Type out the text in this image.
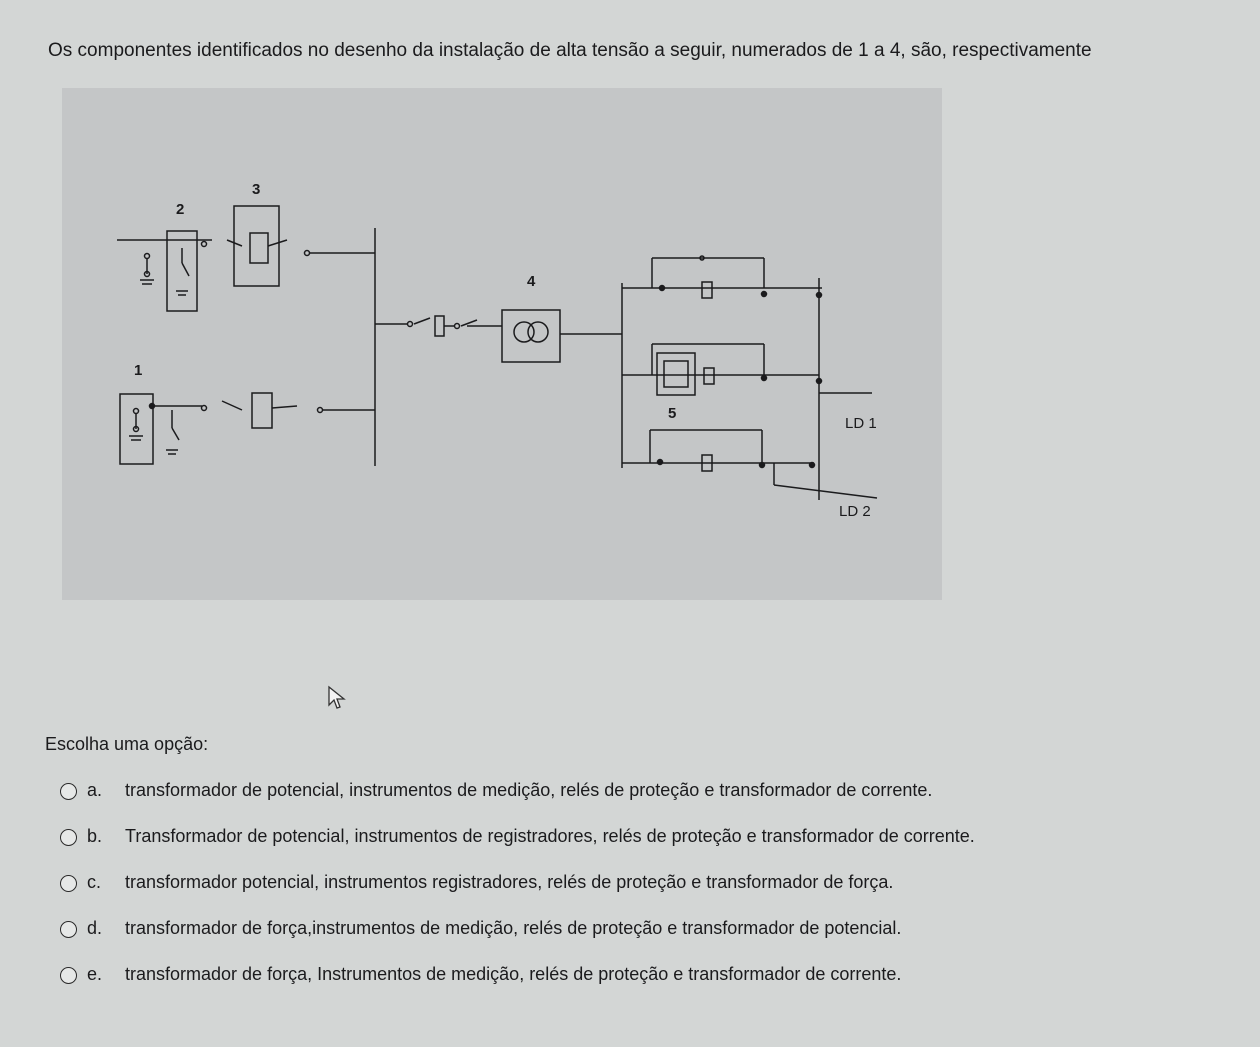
Os componentes identificados no desenho da instalação de alta tensão a seguir, numerados de 1 a 4, são, respectivamente
2
3
4
1
5
LD 1
LD 2
Escolha uma opção:
a.	transformador de potencial, instrumentos de medição, relés de proteção e transformador de corrente.
b.	Transformador de potencial, instrumentos de registradores, relés de proteção e transformador de corrente.
c.	transformador potencial, instrumentos registradores, relés de proteção e transformador de força.
d.	transformador de força,instrumentos de medição, relés de proteção e transformador de potencial.
e.	transformador de força, Instrumentos de medição, relés de proteção e transformador de corrente.
